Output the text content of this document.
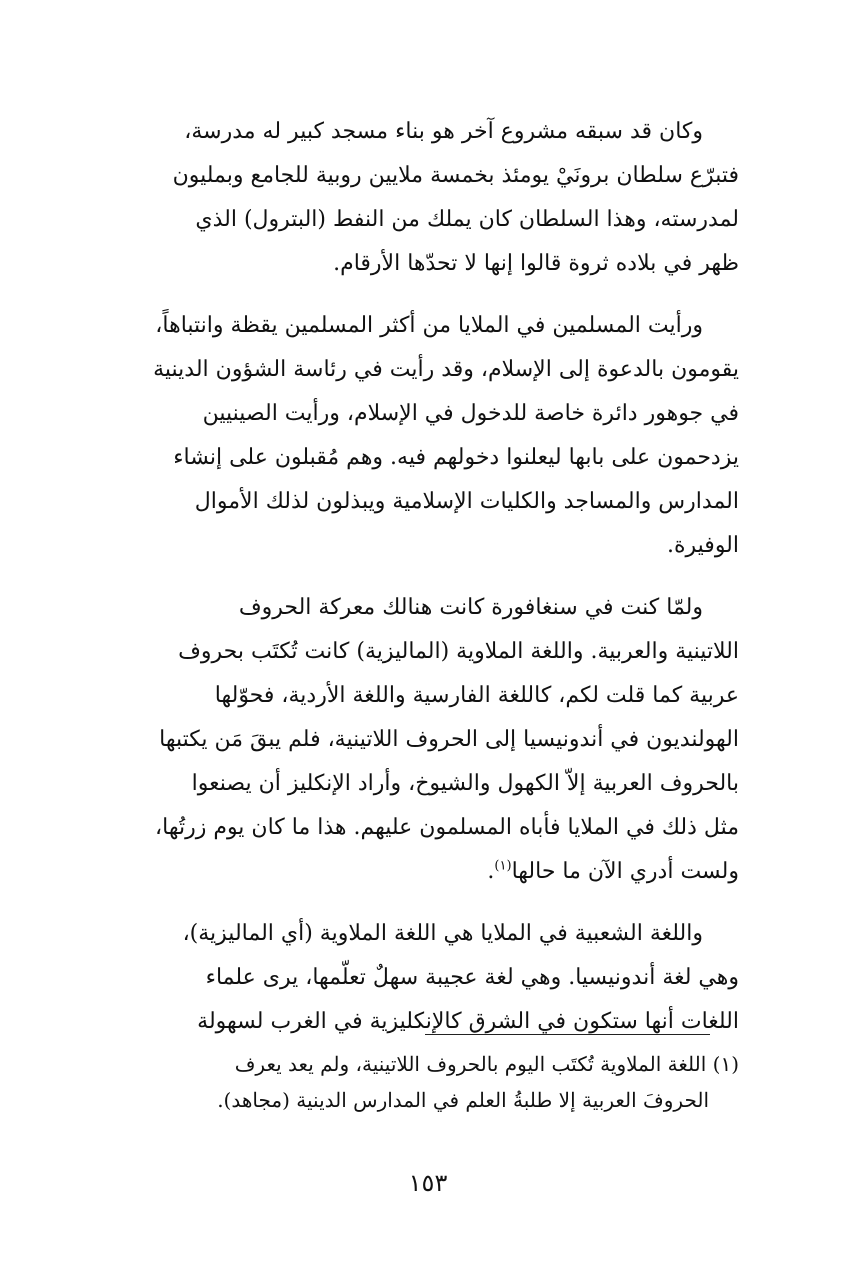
وكان قد سبقه مشروع آخر هو بناء مسجد كبير له مدرسة،
فتبرّع سلطان برونَيْ يومئذ بخمسة ملايين روبية للجامع وبمليون
لمدرسته، وهذا السلطان كان يملك من النفط (البترول) الذي
ظهر في بلاده ثروة قالوا إنها لا تحدّها الأرقام.

ورأيت المسلمين في الملايا من أكثر المسلمين يقظة وانتباهاً،
يقومون بالدعوة إلى الإسلام، وقد رأيت في رئاسة الشؤون الدينية
في جوهور دائرة خاصة للدخول في الإسلام، ورأيت الصينيين
يزدحمون على بابها ليعلنوا دخولهم فيه. وهم مُقبلون على إنشاء
المدارس والمساجد والكليات الإسلامية ويبذلون لذلك الأموال
الوفيرة.

ولمّا كنت في سنغافورة كانت هنالك معركة الحروف
اللاتينية والعربية. واللغة الملاوية (الماليزية) كانت تُكتَب بحروف
عربية كما قلت لكم، كاللغة الفارسية واللغة الأردية، فحوّلها
الهولنديون في أندونيسيا إلى الحروف اللاتينية، فلم يبقَ مَن يكتبها
بالحروف العربية إلاّ الكهول والشيوخ، وأراد الإنكليز أن يصنعوا
مثل ذلك في الملايا فأباه المسلمون عليهم. هذا ما كان يوم زرتُها،
ولست أدري الآن ما حالها$^{(١)}$.

واللغة الشعبية في الملايا هي اللغة الملاوية (أي الماليزية)،
وهي لغة أندونيسيا. وهي لغة عجيبة سهلٌ تعلّمها، يرى علماء
اللغات أنها ستكون في الشرق كالإنكليزية في الغرب لسهولة

(١) اللغة الملاوية تُكتَب اليوم بالحروف اللاتينية، ولم يعد يعرف
الحروفَ العربية إلا طلبةُ العلم في المدارس الدينية (مجاهد).
١٥٣
